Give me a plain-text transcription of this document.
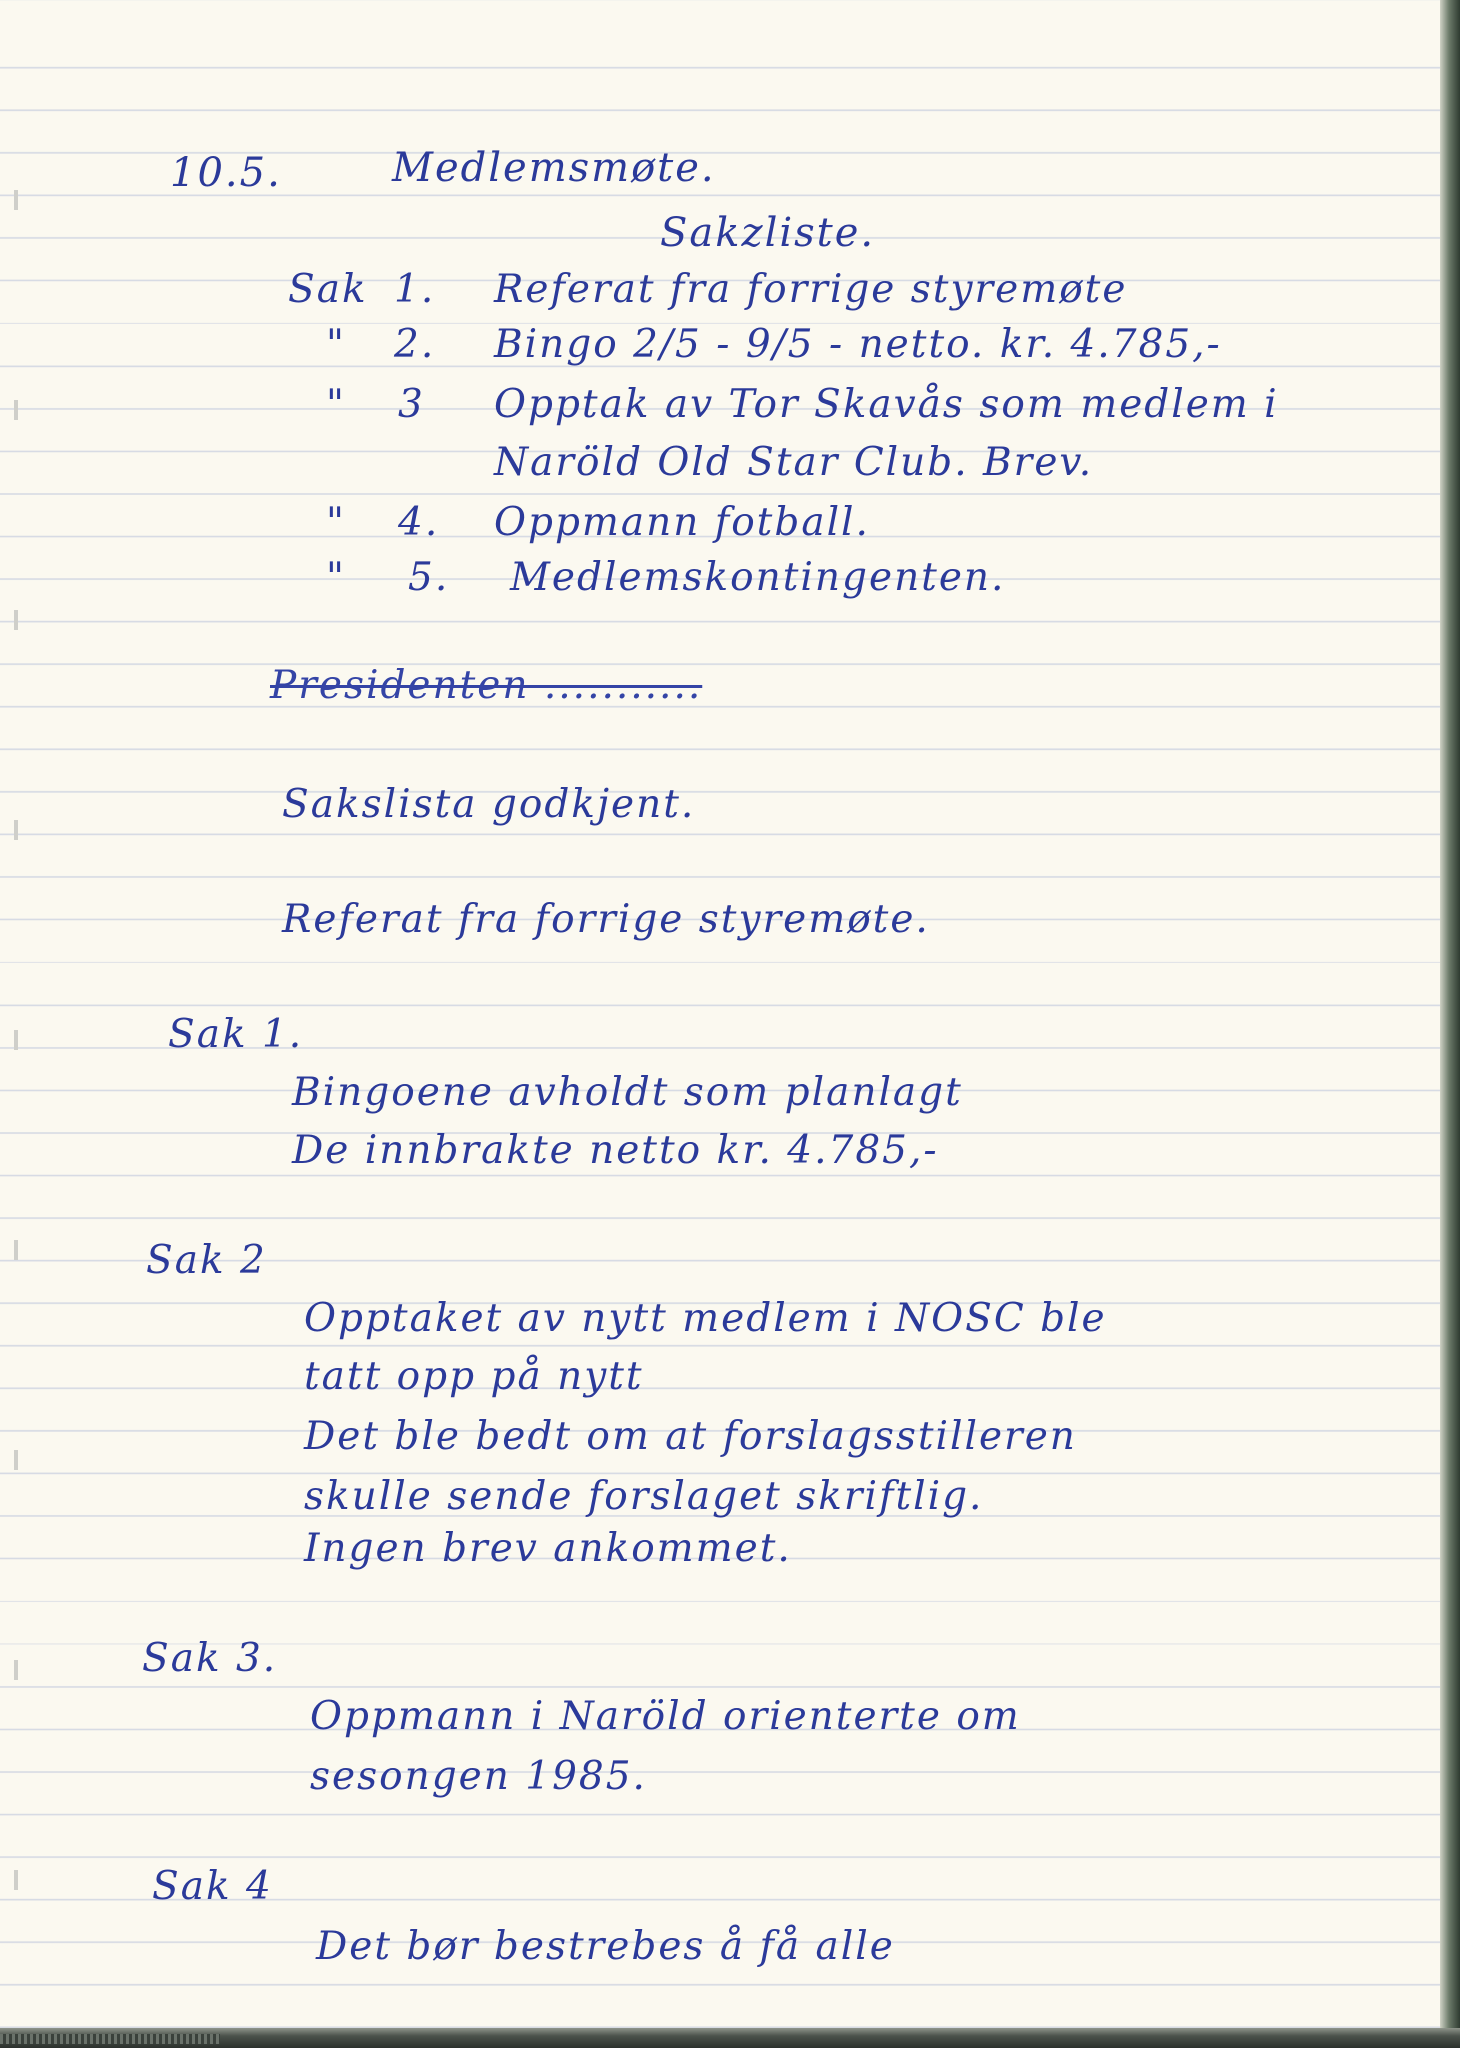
10.5.	Medlemsmøte.

Sakzliste.

Sak 1. Referat fra forrige styremøte

" 2. Bingo 2/5 - 9/5 - netto. kr. 4.785,-

" 3 Opptak av Tor Skavås som medlem i

Naröld Old Star Club. Brev.

" 4. Oppmann fotball.

" 5. Medlemskontingenten.

Presidenten ...........

Sakslista godkjent.

Referat fra forrige styremøte.

Sak 1.

Bingoene avholdt som planlagt

De innbrakte netto kr. 4.785,-

Sak 2

Opptaket av nytt medlem i NOSC ble

tatt opp på nytt

Det ble bedt om at forslagsstilleren

skulle sende forslaget skriftlig.

Ingen brev ankommet.

Sak 3.

Oppmann i Naröld orienterte om

sesongen 1985.

Sak 4

Det bør bestrebes å få alle
